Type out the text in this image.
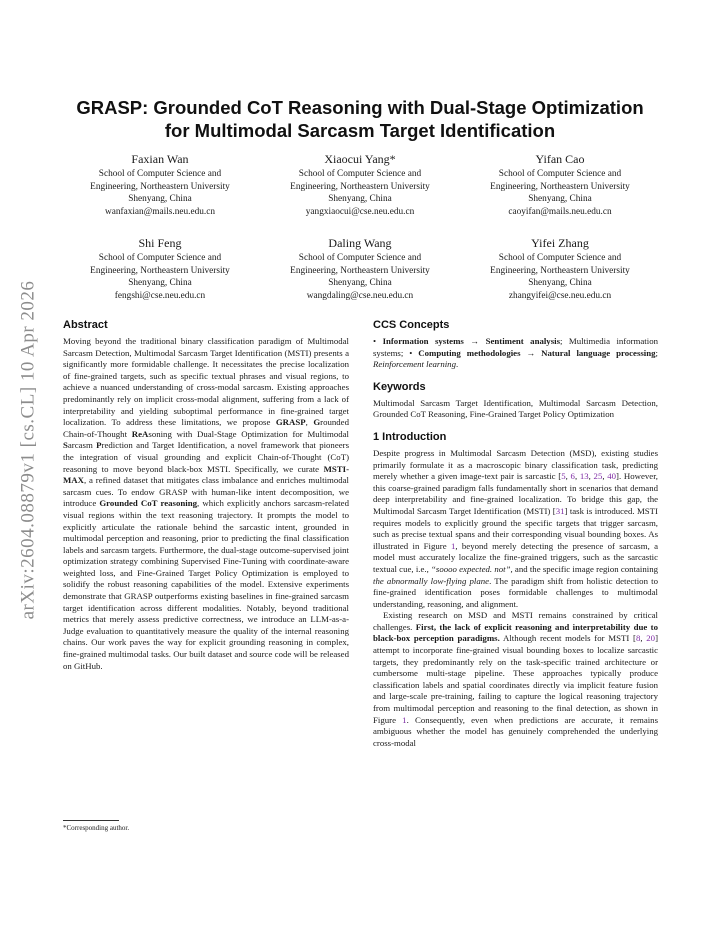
arXiv:2604.08879v1 [cs.CL] 10 Apr 2026
GRASP: Grounded CoT Reasoning with Dual-Stage Optimization
for Multimodal Sarcasm Target Identification
Faxian Wan
School of Computer Science and
Engineering, Northeastern University
Shenyang, China
wanfaxian@mails.neu.edu.cn
Xiaocui Yang*
School of Computer Science and
Engineering, Northeastern University
Shenyang, China
yangxiaocui@cse.neu.edu.cn
Yifan Cao
School of Computer Science and
Engineering, Northeastern University
Shenyang, China
caoyifan@mails.neu.edu.cn
Shi Feng
School of Computer Science and
Engineering, Northeastern University
Shenyang, China
fengshi@cse.neu.edu.cn
Daling Wang
School of Computer Science and
Engineering, Northeastern University
Shenyang, China
wangdaling@cse.neu.edu.cn
Yifei Zhang
School of Computer Science and
Engineering, Northeastern University
Shenyang, China
zhangyifei@cse.neu.edu.cn
Abstract

Moving beyond the traditional binary classification paradigm of Multimodal Sarcasm Detection, Multimodal Sarcasm Target Identification (MSTI) presents a significantly more formidable challenge. It necessitates the precise localization of fine-grained targets, such as specific textual phrases and visual regions, to achieve a nuanced understanding of cross-modal sarcasm. Existing approaches predominantly rely on implicit cross-modal alignment, suffering from a lack of interpretability and yielding suboptimal performance in fine-grained target localization. To address these limitations, we propose GRASP, Grounded Chain-of-Thought ReAsoning with Dual-Stage Optimization for Multimodal Sarcasm Prediction and Target Identification, a novel framework that pioneers the integration of visual grounding and explicit Chain-of-Thought (CoT) reasoning to move beyond black-box MSTI. Specifically, we curate MSTI-MAX, a refined dataset that mitigates class imbalance and enriches multimodal sarcasm cues. To endow GRASP with human-like intent decomposition, we introduce Grounded CoT reasoning, which explicitly anchors sarcasm-related visual regions within the text reasoning trajectory. It prompts the model to explicitly articulate the rationale behind the sarcastic intent, grounded in multimodal perception and reasoning, prior to predicting the final classification labels and sarcasm targets. Furthermore, the dual-stage outcome-supervised joint optimization strategy combining Supervised Fine-Tuning with coordinate-aware weighted loss, and Fine-Grained Target Policy Optimization is employed to solidify the robust reasoning capabilities of the model. Extensive experiments demonstrate that GRASP outperforms existing baselines in fine-grained sarcasm target identification across different modalities. Notably, beyond traditional metrics that merely assess predictive correctness, we introduce an LLM-as-a-Judge evaluation to quantitatively measure the quality of the internal reasoning chains. Our work paves the way for explicit grounding reasoning in complex, fine-grained multimodal tasks. Our built dataset and source code will be released on GitHub.

CCS Concepts

• Information systems → Sentiment analysis; Multimedia information systems; • Computing methodologies → Natural language processing; Reinforcement learning.

Keywords

Multimodal Sarcasm Target Identification, Multimodal Sarcasm Detection, Grounded CoT Reasoning, Fine-Grained Target Policy Optimization

1 Introduction

Despite progress in Multimodal Sarcasm Detection (MSD), existing studies primarily formulate it as a macroscopic binary classification task, predicting merely whether a given image-text pair is sarcastic [5, 6, 13, 25, 40]. However, this coarse-grained paradigm falls fundamentally short in scenarios that demand deep interpretability and fine-grained localization. To bridge this gap, the Multimodal Sarcasm Target Identification (MSTI) [31] task is introduced. MSTI requires models to explicitly ground the specific targets that trigger sarcasm, such as precise textual spans and their corresponding visual bounding boxes. As illustrated in Figure 1, beyond merely detecting the presence of sarcasm, a model must accurately localize the fine-grained triggers, such as the sarcastic textual cue, i.e., “soooo expected. not”, and the specific image region containing the abnormally low-flying plane. The paradigm shift from holistic detection to fine-grained identification poses formidable challenges to multimodal understanding, reasoning, and alignment.

Existing research on MSD and MSTI remains constrained by critical challenges. First, the lack of explicit reasoning and interpretability due to black-box perception paradigms. Although recent models for MSTI [8, 20] attempt to incorporate fine-grained visual bounding boxes to localize sarcastic targets, they predominantly rely on the task-specific trained architecture or cumbersome multi-stage pipeline. These approaches typically produce classification labels and spatial coordinates directly via implicit feature fusion and large-scale pre-training, failing to capture the logical reasoning trajectory from multimodal perception and reasoning to the final detection, as shown in Figure 1. Consequently, even when predictions are accurate, it remains ambiguous whether the model has genuinely comprehended the underlying cross-modal

*Corresponding author.
